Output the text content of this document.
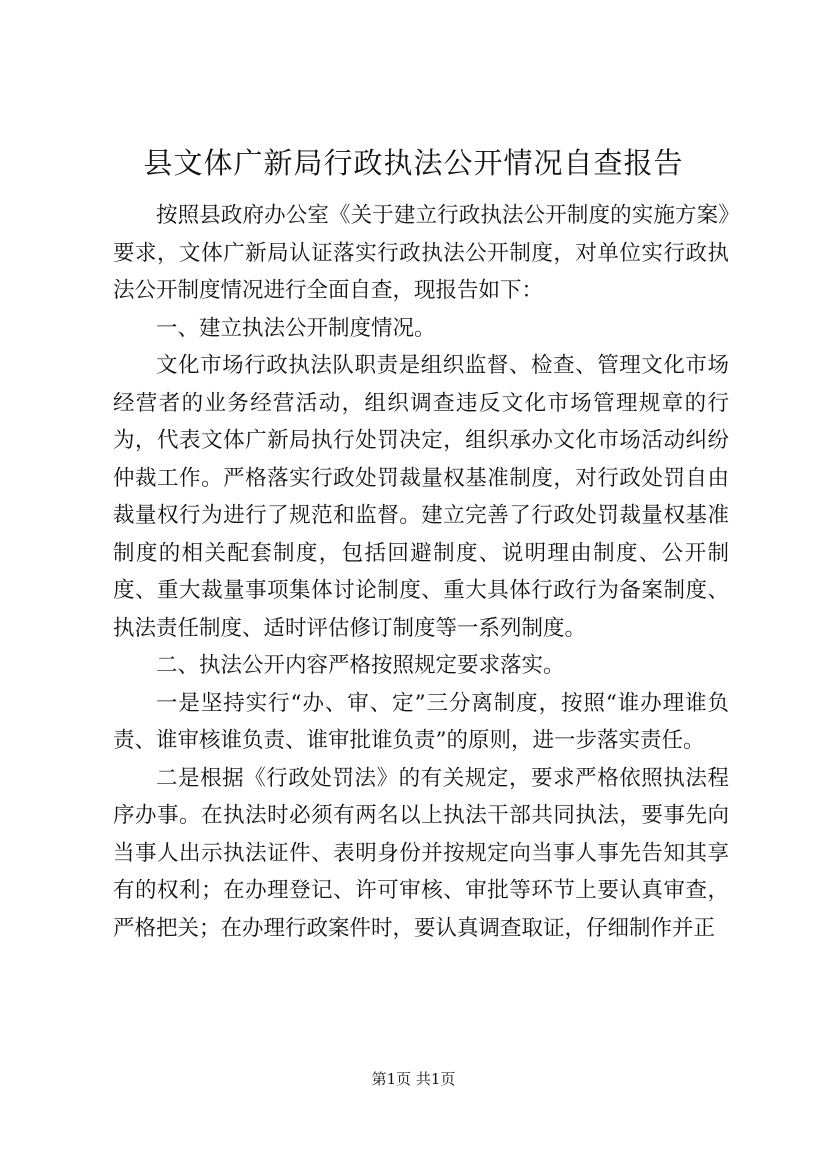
县文体广新局行政执法公开情况自查报告

按照县政府办公室《关于建立行政执法公开制度的实施方案》要求，文体广新局认证落实行政执法公开制度，对单位实行政执法公开制度情况进行全面自查，现报告如下：

一、建立执法公开制度情况。

文化市场行政执法队职责是组织监督、检查、管理文化市场经营者的业务经营活动，组织调查违反文化市场管理规章的行为，代表文体广新局执行处罚决定，组织承办文化市场活动纠纷仲裁工作。严格落实行政处罚裁量权基准制度，对行政处罚自由裁量权行为进行了规范和监督。建立完善了行政处罚裁量权基准制度的相关配套制度，包括回避制度、说明理由制度、公开制度、重大裁量事项集体讨论制度、重大具体行政行为备案制度、执法责任制度、适时评估修订制度等一系列制度。

二、执法公开内容严格按照规定要求落实。

一是坚持实行“办、审、定”三分离制度，按照“谁办理谁负责、谁审核谁负责、谁审批谁负责”的原则，进一步落实责任。

二是根据《行政处罚法》的有关规定，要求严格依照执法程序办事。在执法时必须有两名以上执法干部共同执法，要事先向当事人出示执法证件、表明身份并按规定向当事人事先告知其享有的权利；在办理登记、许可审核、审批等环节上要认真审查，严格把关；在办理行政案件时，要认真调查取证，仔细制作并正

第1页 共1页
